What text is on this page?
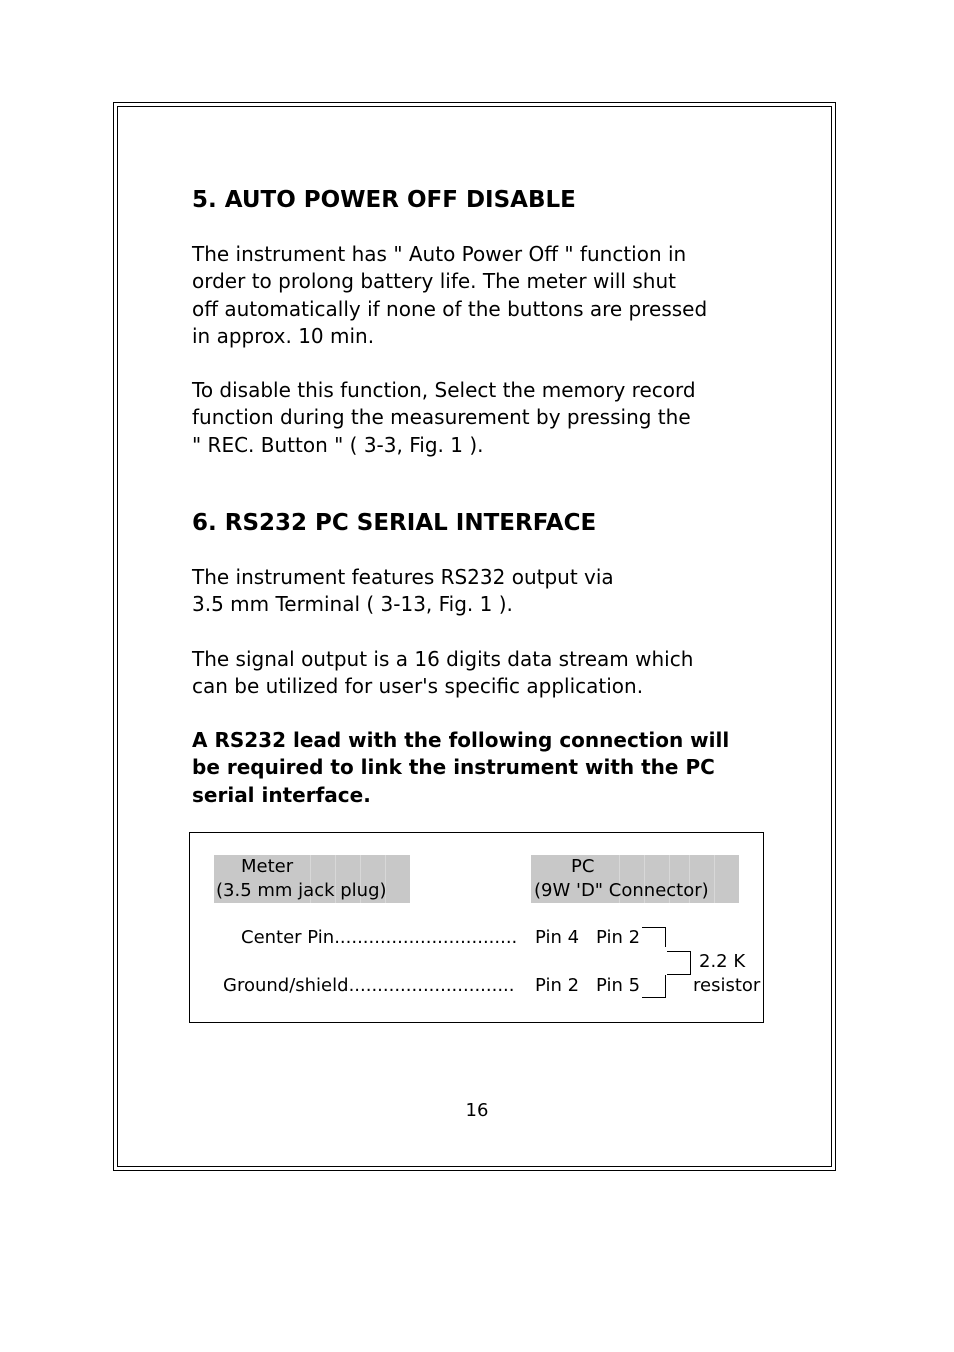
5. AUTO POWER OFF DISABLE

The instrument has " Auto Power Off " function in
order to prolong battery life. The meter will shut
off automatically if none of the buttons are pressed
in approx. 10 min.

To disable this function, Select the memory record
function during the measurement by pressing the
" REC. Button " ( 3-3, Fig. 1 ).

6. RS232 PC SERIAL INTERFACE

The instrument features RS232 output via
3.5 mm Terminal ( 3-13, Fig. 1 ).

The signal output is a 16 digits data stream which
can be utilized for user's specific application.

A RS232 lead with the following connection will
be required to link the instrument with the PC
serial interface.

Meter
(3.5 mm jack plug)
PC
(9W 'D" Connector)
Center Pin................................ Pin 4 Pin 2
Ground/shield............................. Pin 2 Pin 5
2.2 K
resistor
16
